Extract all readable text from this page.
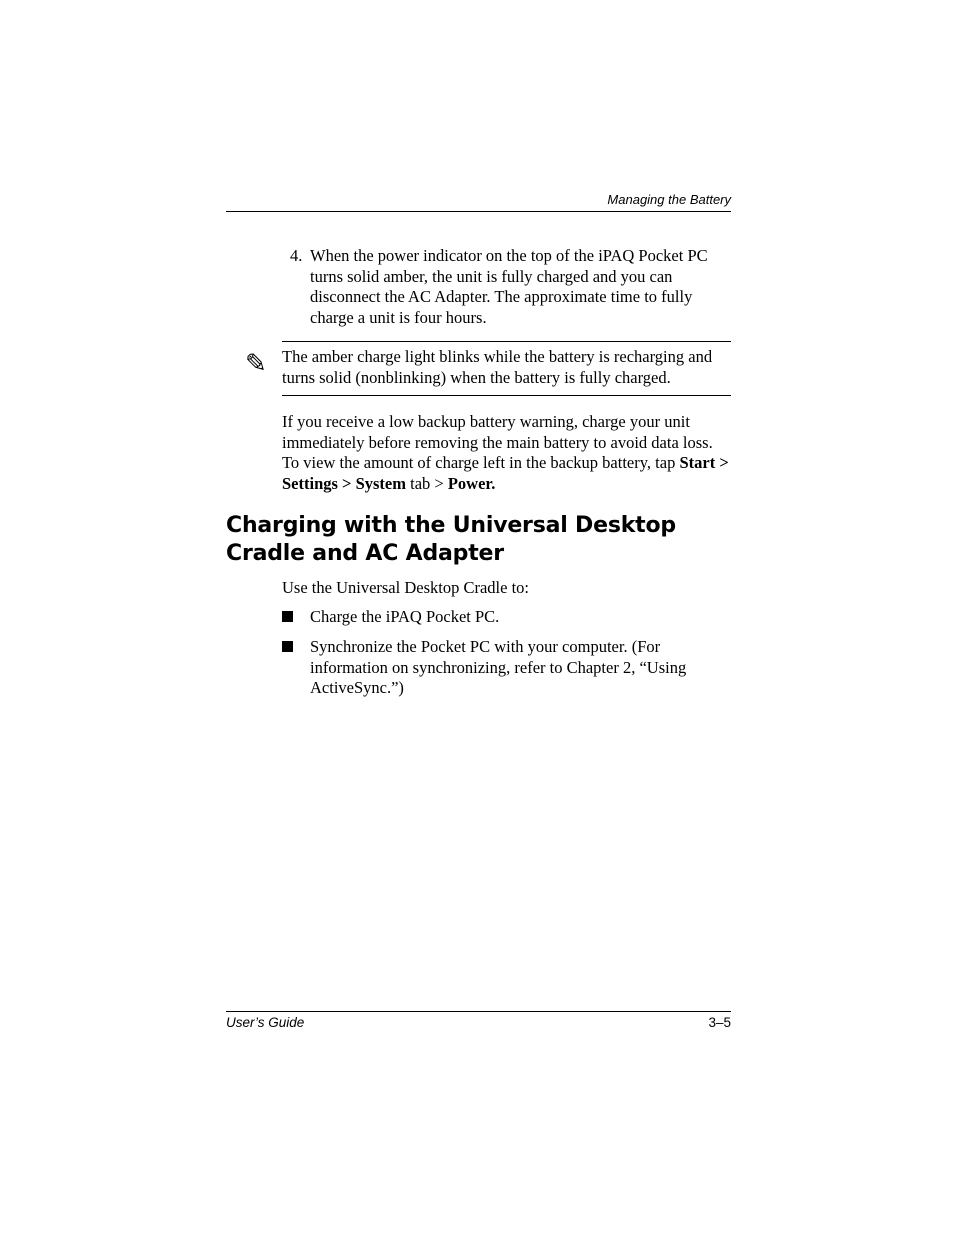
Managing the Battery
4. When the power indicator on the top of the iPAQ Pocket PC turns solid amber, the unit is fully charged and you can disconnect the AC Adapter. The approximate time to fully charge a unit is four hours.
✎ The amber charge light blinks while the battery is recharging and turns solid (nonblinking) when the battery is fully charged.
If you receive a low backup battery warning, charge your unit immediately before removing the main battery to avoid data loss. To view the amount of charge left in the backup battery, tap Start > Settings > System tab > Power.
Charging with the Universal Desktop Cradle and AC Adapter
Use the Universal Desktop Cradle to:
Charge the iPAQ Pocket PC.
Synchronize the Pocket PC with your computer. (For information on synchronizing, refer to Chapter 2, “Using ActiveSync.”)
User’s Guide	3–5
